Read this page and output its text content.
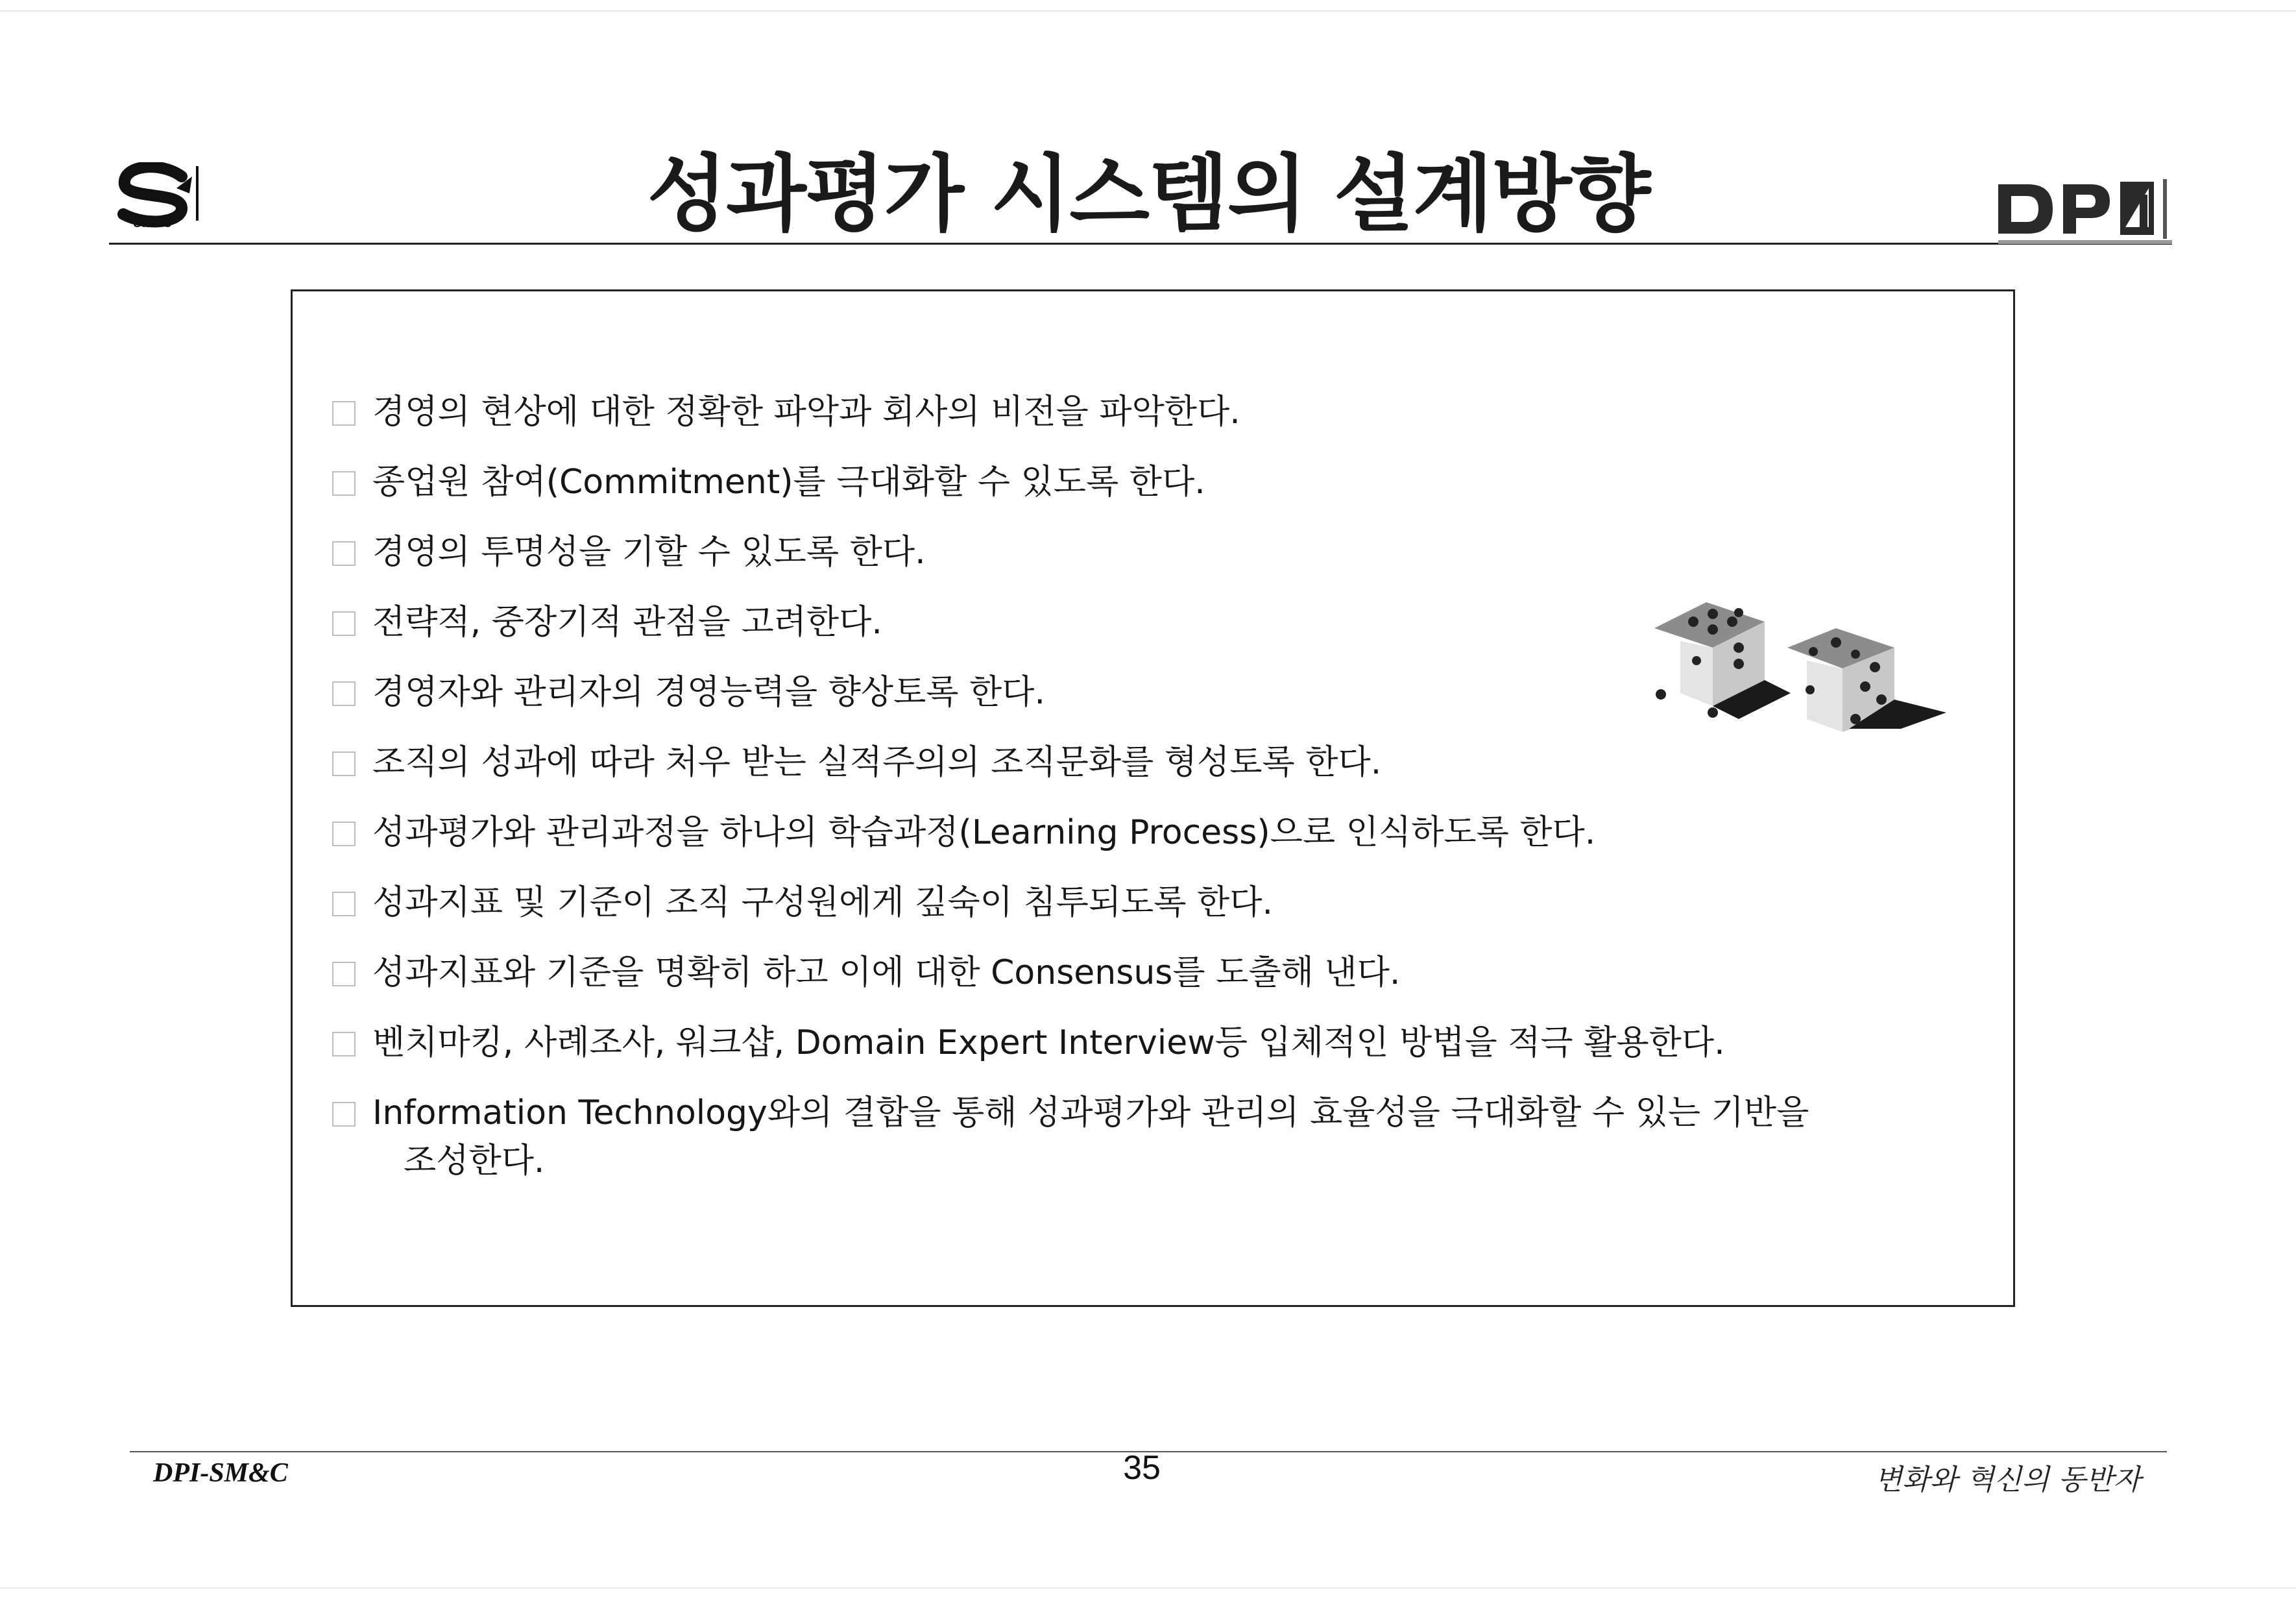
SM&C	성과평가 시스템의 설계방향
경영의 현상에 대한 정확한 파악과 회사의 비전을 파악한다.
종업원 참여(Commitment)를 극대화할 수 있도록 한다.
경영의 투명성을 기할 수 있도록 한다.
전략적, 중장기적 관점을 고려한다.
경영자와 관리자의 경영능력을 향상토록 한다.
조직의 성과에 따라 처우 받는 실적주의의 조직문화를 형성토록 한다.
성과평가와 관리과정을 하나의 학습과정(Learning Process)으로 인식하도록 한다.
성과지표 및 기준이 조직 구성원에게 깊숙이 침투되도록 한다.
성과지표와 기준을 명확히 하고 이에 대한 Consensus를 도출해 낸다.
벤치마킹, 사례조사, 워크샵, Domain Expert Interview등 입체적인 방법을 적극 활용한다.
Information Technology와의 결합을 통해 성과평가와 관리의 효율성을 극대화할 수 있는 기반을
조성한다.
DPI-SM&C	35	변화와 혁신의 동반자
